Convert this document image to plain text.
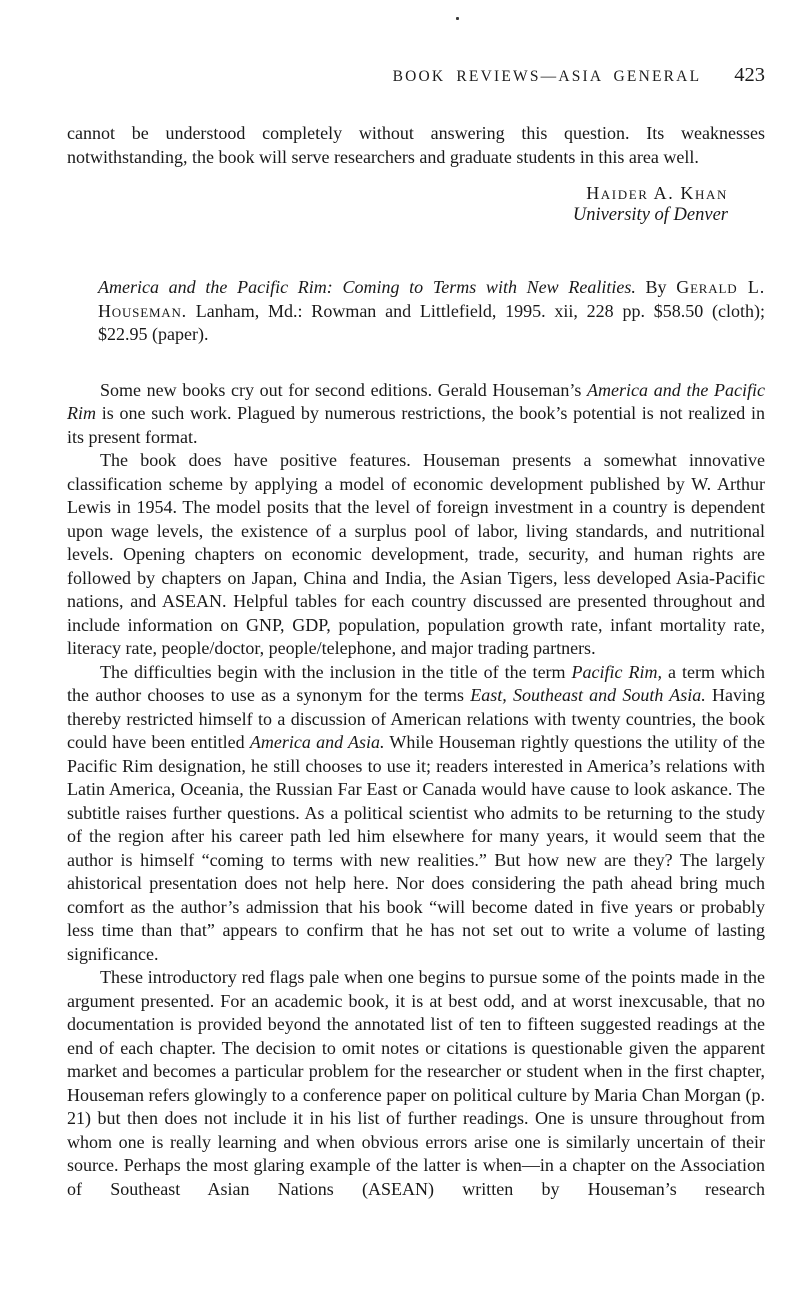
BOOK REVIEWS—ASIA GENERAL 423

cannot be understood completely without answering this question. Its weaknesses notwithstanding, the book will serve researchers and graduate students in this area well.

Haider A. Khan
University of Denver

America and the Pacific Rim: Coming to Terms with New Realities. By Gerald L. Houseman. Lanham, Md.: Rowman and Littlefield, 1995. xii, 228 pp. $58.50 (cloth); $22.95 (paper).

Some new books cry out for second editions. Gerald Houseman’s America and the Pacific Rim is one such work. Plagued by numerous restrictions, the book’s potential is not realized in its present format.

The book does have positive features. Houseman presents a somewhat innovative classification scheme by applying a model of economic development published by W. Arthur Lewis in 1954. The model posits that the level of foreign investment in a country is dependent upon wage levels, the existence of a surplus pool of labor, living standards, and nutritional levels. Opening chapters on economic development, trade, security, and human rights are followed by chapters on Japan, China and India, the Asian Tigers, less developed Asia-Pacific nations, and ASEAN. Helpful tables for each country discussed are presented throughout and include information on GNP, GDP, population, population growth rate, infant mortality rate, literacy rate, people/doctor, people/telephone, and major trading partners.

The difficulties begin with the inclusion in the title of the term Pacific Rim, a term which the author chooses to use as a synonym for the terms East, Southeast and South Asia. Having thereby restricted himself to a discussion of American relations with twenty countries, the book could have been entitled America and Asia. While Houseman rightly questions the utility of the Pacific Rim designation, he still chooses to use it; readers interested in America’s relations with Latin America, Oceania, the Russian Far East or Canada would have cause to look askance. The subtitle raises further questions. As a political scientist who admits to be returning to the study of the region after his career path led him elsewhere for many years, it would seem that the author is himself “coming to terms with new realities.” But how new are they? The largely ahistorical presentation does not help here. Nor does considering the path ahead bring much comfort as the author’s admission that his book “will become dated in five years or probably less time than that” appears to confirm that he has not set out to write a volume of lasting significance.

These introductory red flags pale when one begins to pursue some of the points made in the argument presented. For an academic book, it is at best odd, and at worst inexcusable, that no documentation is provided beyond the annotated list of ten to fifteen suggested readings at the end of each chapter. The decision to omit notes or citations is questionable given the apparent market and becomes a particular problem for the researcher or student when in the first chapter, Houseman refers glowingly to a conference paper on political culture by Maria Chan Morgan (p. 21) but then does not include it in his list of further readings. One is unsure throughout from whom one is really learning and when obvious errors arise one is similarly uncertain of their source. Perhaps the most glaring example of the latter is when—in a chapter on the Association of Southeast Asian Nations (ASEAN) written by Houseman’s research
